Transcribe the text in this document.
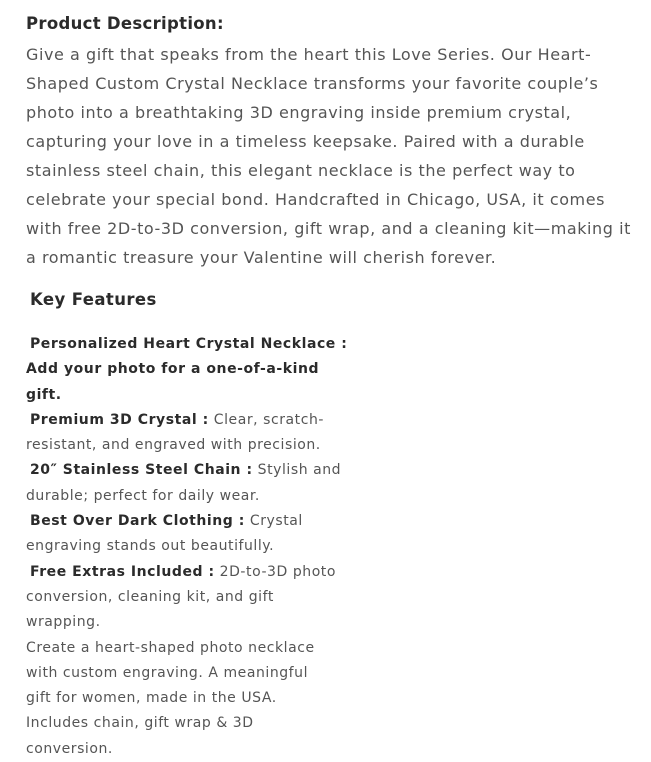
Product Description:

Give a gift that speaks from the heart this Love Series. Our Heart-
Shaped Custom Crystal Necklace transforms your favorite couple’s
photo into a breathtaking 3D engraving inside premium crystal,
capturing your love in a timeless keepsake. Paired with a durable
stainless steel chain, this elegant necklace is the perfect way to
celebrate your special bond. Handcrafted in Chicago, USA, it comes
with free 2D-to-3D conversion, gift wrap, and a cleaning kit—making it
a romantic treasure your Valentine will cherish forever.

Key Features
Personalized Heart Crystal Necklace :
Add your photo for a one-of-a-kind
gift.
Premium 3D Crystal : Clear, scratch-
resistant, and engraved with precision.
20″ Stainless Steel Chain : Stylish and
durable; perfect for daily wear.
Best Over Dark Clothing : Crystal
engraving stands out beautifully.
Free Extras Included : 2D-to-3D photo
conversion, cleaning kit, and gift
wrapping.
Create a heart-shaped photo necklace
with custom engraving. A meaningful
gift for women, made in the USA.
Includes chain, gift wrap & 3D
conversion.
